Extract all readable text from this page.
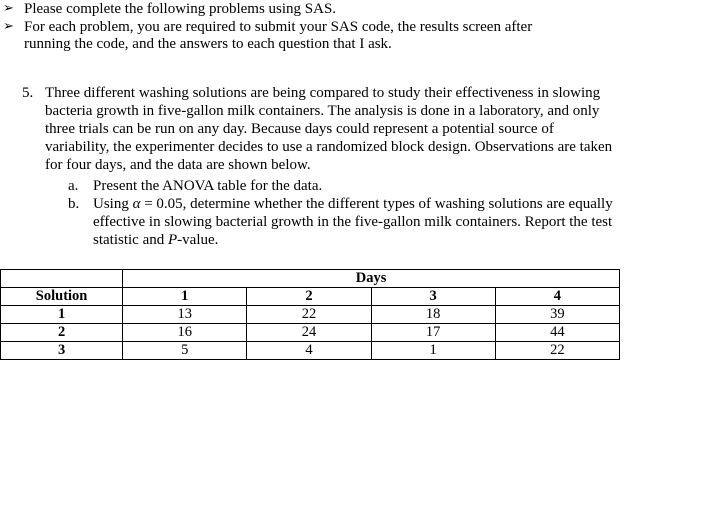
➢ Please complete the following problems using SAS.
➢ For each problem, you are required to submit your SAS code, the results screen after
running the code, and the answers to each question that I ask.
5. Three different washing solutions are being compared to study their effectiveness in slowing bacteria growth in five-gallon milk containers. The analysis is done in a laboratory, and only three trials can be run on any day. Because days could represent a potential source of variability, the experimenter decides to use a randomized block design. Observations are taken for four days, and the data are shown below.
a. Present the ANOVA table for the data.
b. Using α = 0.05, determine whether the different types of washing solutions are equally effective in slowing bacterial growth in the five-gallon milk containers. Report the test statistic and P-value.
	Days			
Solution	1	2	3	4
1	13	22	18	39
2	16	24	17	44
3	5	4	1	22
